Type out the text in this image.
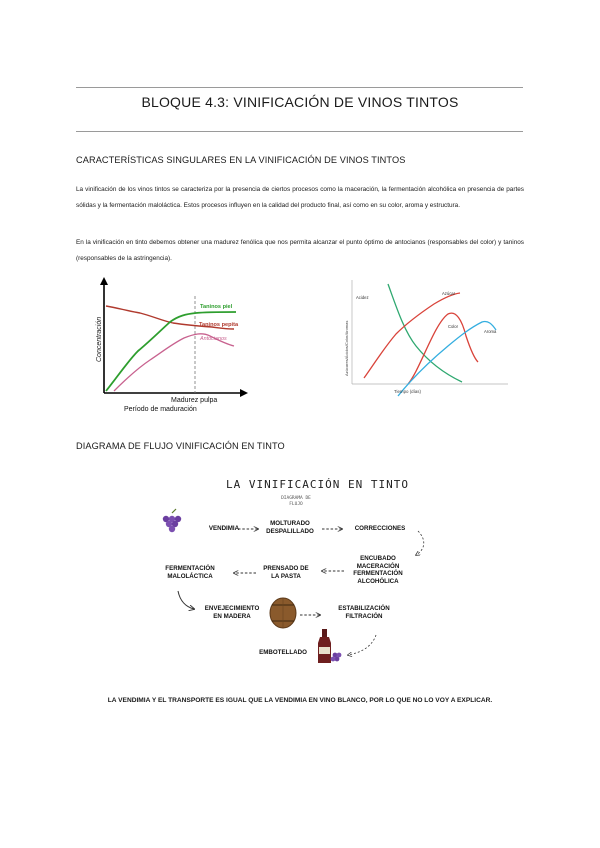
BLOQUE 4.3: VINIFICACIÓN DE VINOS TINTOS
CARACTERÍSTICAS SINGULARES EN LA VINIFICACIÓN DE VINOS TINTOS
La vinificación de los vinos tintos se caracteriza por la presencia de ciertos procesos como la maceración, la fermentación alcohólica en presencia de partes sólidas y la fermentación maloláctica. Estos procesos influyen en la calidad del producto final, así como en su color, aroma y estructura.
En la vinificación en tinto debemos obtener una madurez fenólica que nos permita alcanzar el punto óptimo de antocianos (responsables del color) y taninos (responsables de la astringencia).
Concentración
Taninos piel
Taninos pepita
Antocianos
Madurez pulpa
Período de maduración
Acidez
Azúcar
Color
Aroma
Azúcares/Ácidos/Color/Aromas
Tiempo (días)
DIAGRAMA DE FLUJO VINIFICACIÓN EN TINTO
LA VINIFICACIÓN EN TINTO
DIAGRAMA DE
FLUJO
VENDIMIA
MOLTURADO
DESPALILLADO	CORRECCIONES
ENCUBADO
MACERACIÓN
FERMENTACIÓN
ALCOHÓLICA
PRENSADO DE
LA PASTA
FERMENTACIÓN
MALOLÁCTICA
ENVEJECIMIENTO
EN MADERA
ESTABILIZACIÓN
FILTRACIÓN
EMBOTELLADO
LA VENDIMIA Y EL TRANSPORTE ES IGUAL QUE LA VENDIMIA EN VINO BLANCO, POR LO QUE NO LO VOY A EXPLICAR.
